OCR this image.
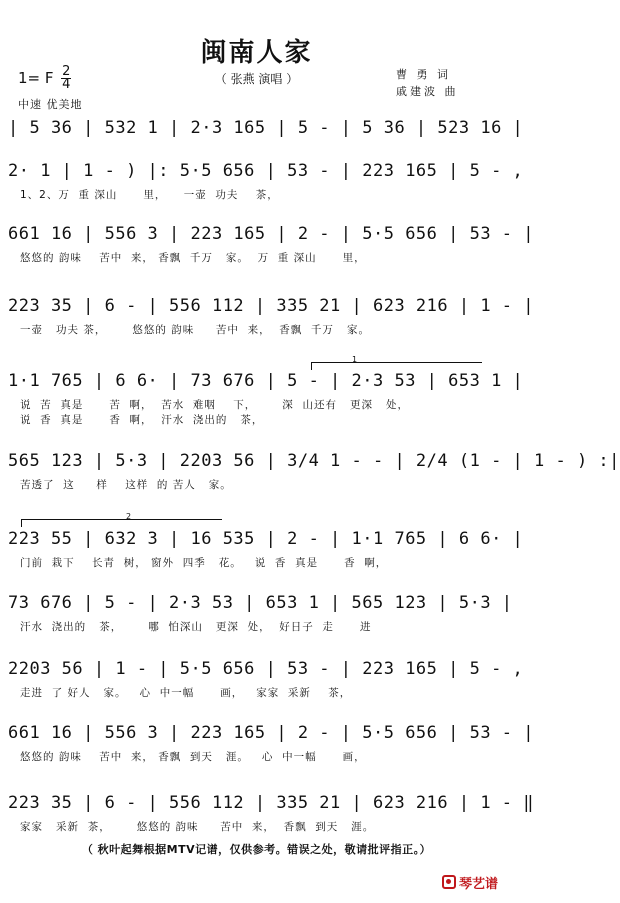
闽南人家
（ 张燕 演唱 ）	曹 勇 词
戚建波 曲
1= F $\frac{2}{4}$
中速 优美地
| 5 36 | 532 1 | 2·3 165 | 5 - | 5 36 | 523 16 |
2· 1 | 1 - ) |: 5·5 656 | 53 - | 223 165 | 5 - ,
1、2、万  重 深山      里，    一壶  功夫    茶，
661 16 | 556 3 | 223 165 | 2 - | 5·5 656 | 53 - |
悠悠的 韵味    苦中  来， 香飘  千万   家。  万  重 深山      里，
223 35 | 6 - | 556 112 | 335 21 | 623 216 | 1 - |
一壶   功夫 茶，      悠悠的 韵味     苦中  来，  香飘  千万   家。
1·1 765 | 6 6· | 73 676 | 5 - | 2·3 53 | 653 1 |
说  苦  真是      苦  啊，  苦水  难咽    下，      深  山还有   更深   处，
说  香  真是      香  啊，  汗水  浇出的   茶，
565 123 | 5·3 | 2203 56 | 3/4 1 - - | 2/4 (1 - | 1 - ) :|
苦透了  这     样    这样  的 苦人   家。
223 55 | 632 3 | 16 535 | 2 - | 1·1 765 | 6 6· |
门前  栽下    长青  树， 窗外  四季   花。   说  香  真是      香  啊，
73 676 | 5 - | 2·3 53 | 653 1 | 565 123 | 5·3 |
汗水  浇出的   茶，      哪  怕深山   更深  处，  好日子  走      进
2203 56 | 1 - | 5·5 656 | 53 - | 223 165 | 5 - ,
走进  了 好人   家。   心  中一幅      画，   家家  采新    茶，
661 16 | 556 3 | 223 165 | 2 - | 5·5 656 | 53 - |
悠悠的 韵味    苦中  来， 香飘  到天   涯。   心  中一幅      画，
223 35 | 6 - | 556 112 | 335 21 | 623 216 | 1 - ‖
家家   采新  茶，      悠悠的 韵味     苦中  来，  香飘  到天   涯。
1
2
（ 秋叶起舞根据MTV记谱，仅供参考。错误之处，敬请批评指正。）
琴艺谱
